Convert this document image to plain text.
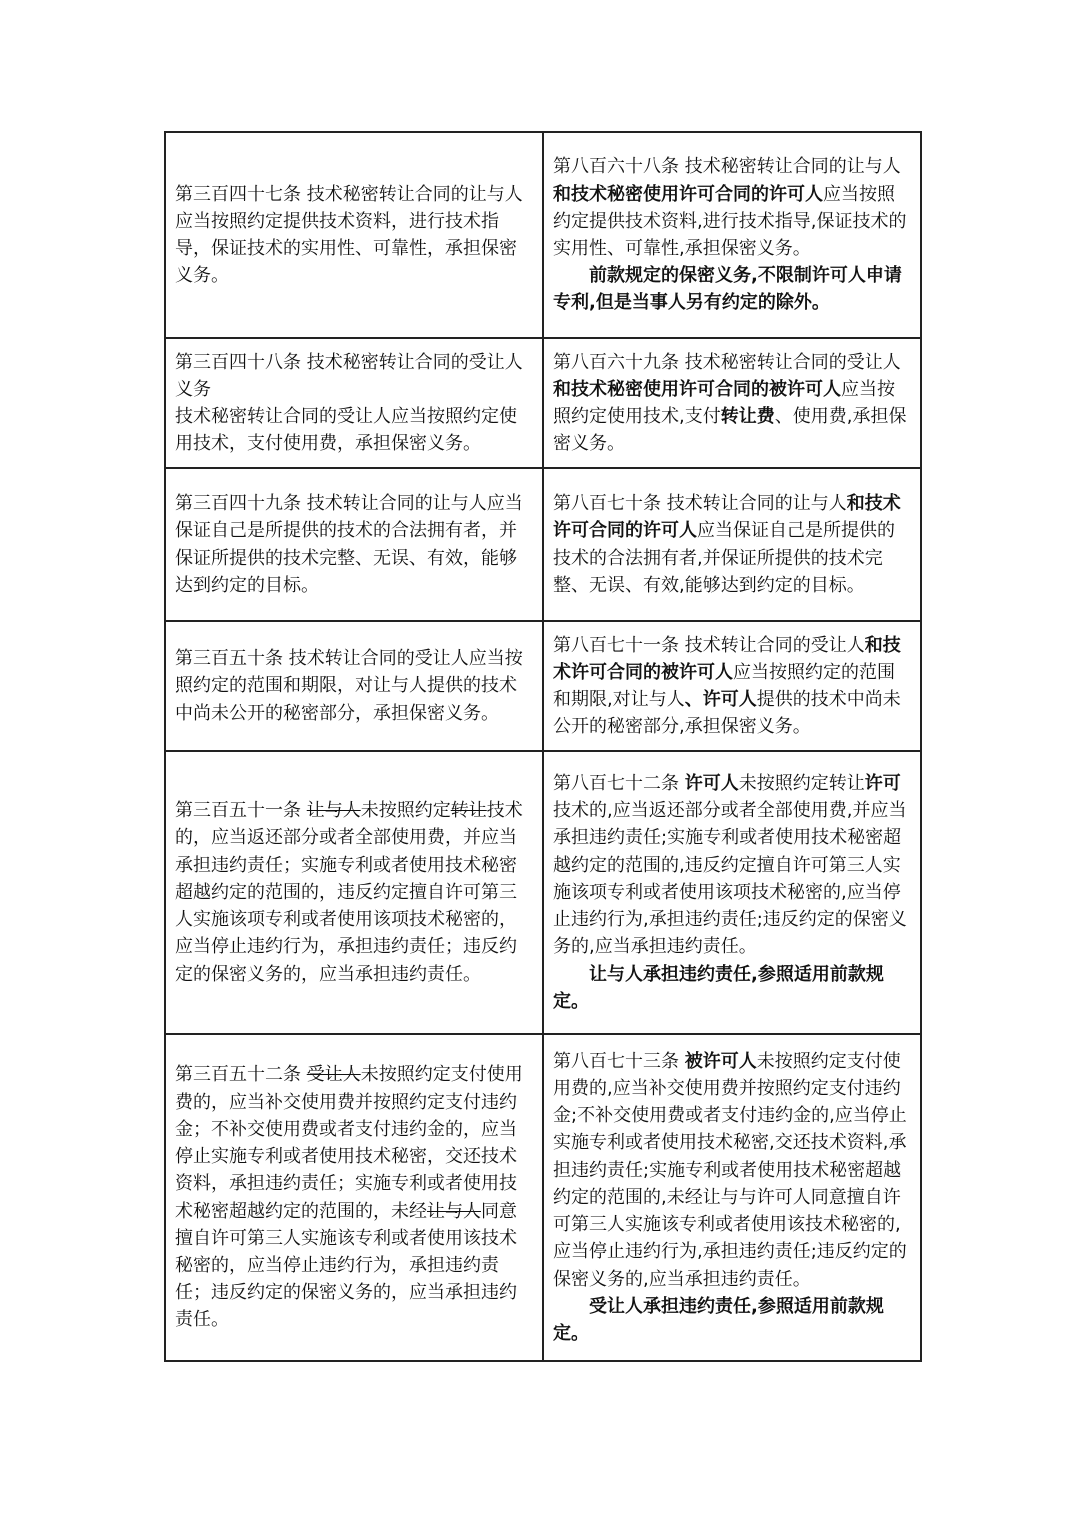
第三百四十七条 技术秘密转让合同的让与人应当按照约定提供技术资料，进行技术指导，保证技术的实用性、可靠性，承担保密义务。	第八百六十八条 技术秘密转让合同的让与人和技术秘密使用许可合同的许可人应当按照约定提供技术资料,进行技术指导,保证技术的实用性、可靠性,承担保密义务。
前款规定的保密义务,不限制许可人申请专利,但是当事人另有约定的除外。

第三百四十八条 技术秘密转让合同的受让人义务
技术秘密转让合同的受让人应当按照约定使用技术，支付使用费，承担保密义务。	第八百六十九条 技术秘密转让合同的受让人和技术秘密使用许可合同的被许可人应当按照约定使用技术,支付转让费、使用费,承担保密义务。

第三百四十九条 技术转让合同的让与人应当保证自己是所提供的技术的合法拥有者，并保证所提供的技术完整、无误、有效，能够达到约定的目标。	第八百七十条 技术转让合同的让与人和技术许可合同的许可人应当保证自己是所提供的技术的合法拥有者,并保证所提供的技术完整、无误、有效,能够达到约定的目标。

第三百五十条 技术转让合同的受让人应当按照约定的范围和期限，对让与人提供的技术中尚未公开的秘密部分，承担保密义务。	第八百七十一条 技术转让合同的受让人和技术许可合同的被许可人应当按照约定的范围和期限,对让与人、许可人提供的技术中尚未公开的秘密部分,承担保密义务。

第三百五十一条 让与人未按照约定转让技术的，应当返还部分或者全部使用费，并应当承担违约责任；实施专利或者使用技术秘密超越约定的范围的，违反约定擅自许可第三人实施该项专利或者使用该项技术秘密的，应当停止违约行为，承担违约责任；违反约定的保密义务的，应当承担违约责任。	第八百七十二条 许可人未按照约定转让许可技术的,应当返还部分或者全部使用费,并应当承担违约责任;实施专利或者使用技术秘密超越约定的范围的,违反约定擅自许可第三人实施该项专利或者使用该项技术秘密的,应当停止违约行为,承担违约责任;违反约定的保密义务的,应当承担违约责任。
让与人承担违约责任,参照适用前款规定。

第三百五十二条 受让人未按照约定支付使用费的，应当补交使用费并按照约定支付违约金；不补交使用费或者支付违约金的，应当停止实施专利或者使用技术秘密，交还技术资料，承担违约责任；实施专利或者使用技术秘密超越约定的范围的，未经让与人同意擅自许可第三人实施该专利或者使用该技术秘密的，应当停止违约行为，承担违约责任；违反约定的保密义务的，应当承担违约责任。	第八百七十三条 被许可人未按照约定支付使用费的,应当补交使用费并按照约定支付违约金;不补交使用费或者支付违约金的,应当停止实施专利或者使用技术秘密,交还技术资料,承担违约责任;实施专利或者使用技术秘密超越约定的范围的,未经让与与许可人同意擅自许可第三人实施该专利或者使用该技术秘密的,应当停止违约行为,承担违约责任;违反约定的保密义务的,应当承担违约责任。
受让人承担违约责任,参照适用前款规定。
